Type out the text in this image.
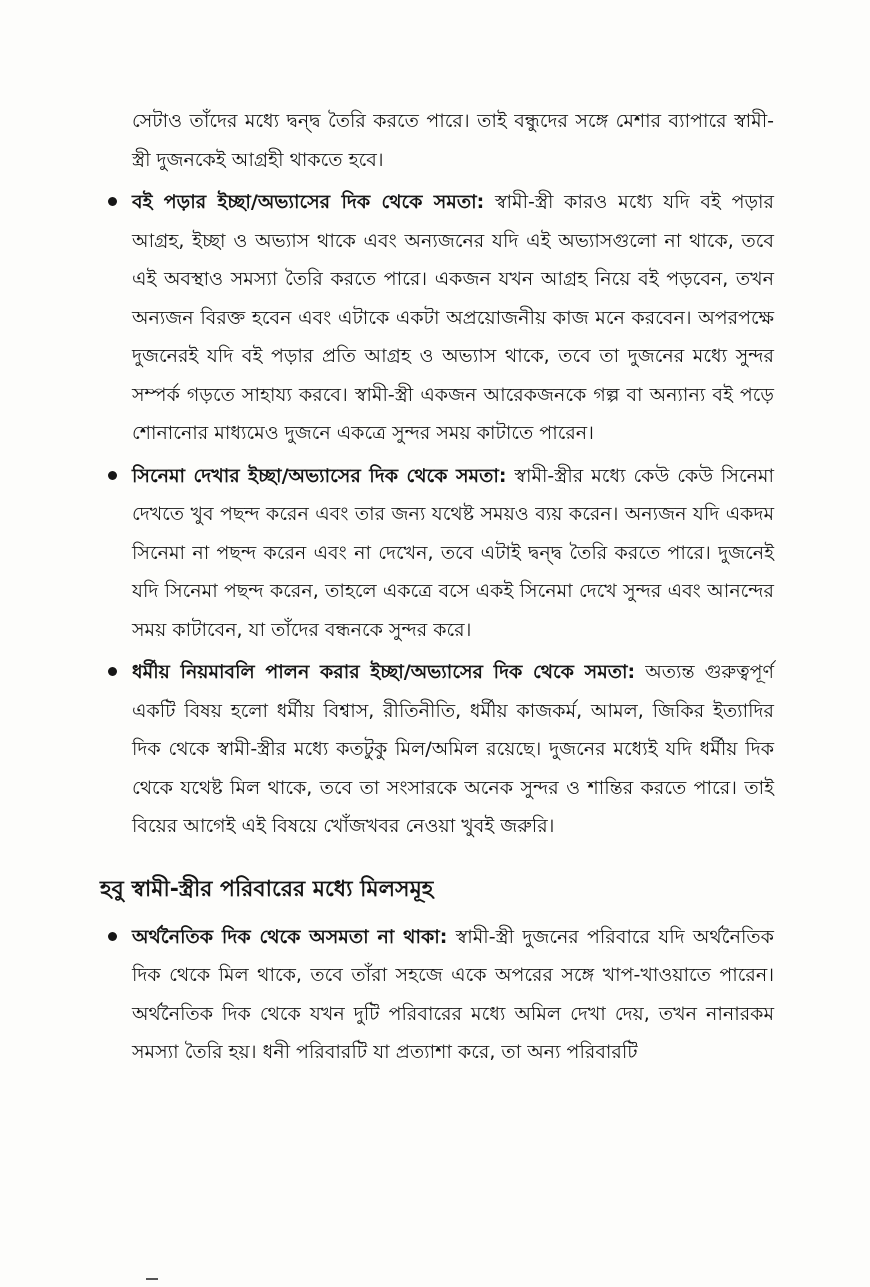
সেটাও তাঁদের মধ্যে দ্বন্দ্ব তৈরি করতে পারে। তাই বন্ধুদের সঙ্গে মেশার ব্যাপারে স্বামী-স্ত্রী দুজনকেই আগ্রহী থাকতে হবে।

বই পড়ার ইচ্ছা/অভ্যাসের দিক থেকে সমতা: স্বামী-স্ত্রী কারও মধ্যে যদি বই পড়ার আগ্রহ, ইচ্ছা ও অভ্যাস থাকে এবং অন্যজনের যদি এই অভ্যাসগুলো না থাকে, তবে এই অবস্থাও সমস্যা তৈরি করতে পারে। একজন যখন আগ্রহ নিয়ে বই পড়বেন, তখন অন্যজন বিরক্ত হবেন এবং এটাকে একটা অপ্রয়োজনীয় কাজ মনে করবেন। অপরপক্ষে দুজনেরই যদি বই পড়ার প্রতি আগ্রহ ও অভ্যাস থাকে, তবে তা দুজনের মধ্যে সুন্দর সম্পর্ক গড়তে সাহায্য করবে। স্বামী-স্ত্রী একজন আরেকজনকে গল্প বা অন্যান্য বই পড়ে শোনানোর মাধ্যমেও দুজনে একত্রে সুন্দর সময় কাটাতে পারেন।
সিনেমা দেখার ইচ্ছা/অভ্যাসের দিক থেকে সমতা: স্বামী-স্ত্রীর মধ্যে কেউ কেউ সিনেমা দেখতে খুব পছন্দ করেন এবং তার জন্য যথেষ্ট সময়ও ব্যয় করেন। অন্যজন যদি একদম সিনেমা না পছন্দ করেন এবং না দেখেন, তবে এটাই দ্বন্দ্ব তৈরি করতে পারে। দুজনেই যদি সিনেমা পছন্দ করেন, তাহলে একত্রে বসে একই সিনেমা দেখে সুন্দর এবং আনন্দের সময় কাটাবেন, যা তাঁদের বন্ধনকে সুন্দর করে।
ধর্মীয় নিয়মাবলি পালন করার ইচ্ছা/অভ্যাসের দিক থেকে সমতা: অত্যন্ত গুরুত্বপূর্ণ একটি বিষয় হলো ধর্মীয় বিশ্বাস, রীতিনীতি, ধর্মীয় কাজকর্ম, আমল, জিকির ইত্যাদির দিক থেকে স্বামী-স্ত্রীর মধ্যে কতটুকু মিল/অমিল রয়েছে। দুজনের মধ্যেই যদি ধর্মীয় দিক থেকে যথেষ্ট মিল থাকে, তবে তা সংসারকে অনেক সুন্দর ও শান্তির করতে পারে। তাই বিয়ের আগেই এই বিষয়ে খোঁজখবর নেওয়া খুবই জরুরি।
হবু স্বামী-স্ত্রীর পরিবারের মধ্যে মিলসমূহ
অর্থনৈতিক দিক থেকে অসমতা না থাকা: স্বামী-স্ত্রী দুজনের পরিবারে যদি অর্থনৈতিক দিক থেকে মিল থাকে, তবে তাঁরা সহজে একে অপরের সঙ্গে খাপ-খাওয়াতে পারেন। অর্থনৈতিক দিক থেকে যখন দুটি পরিবারের মধ্যে অমিল দেখা দেয়, তখন নানারকম সমস্যা তৈরি হয়। ধনী পরিবারটি যা প্রত্যাশা করে, তা অন্য পরিবারটি
